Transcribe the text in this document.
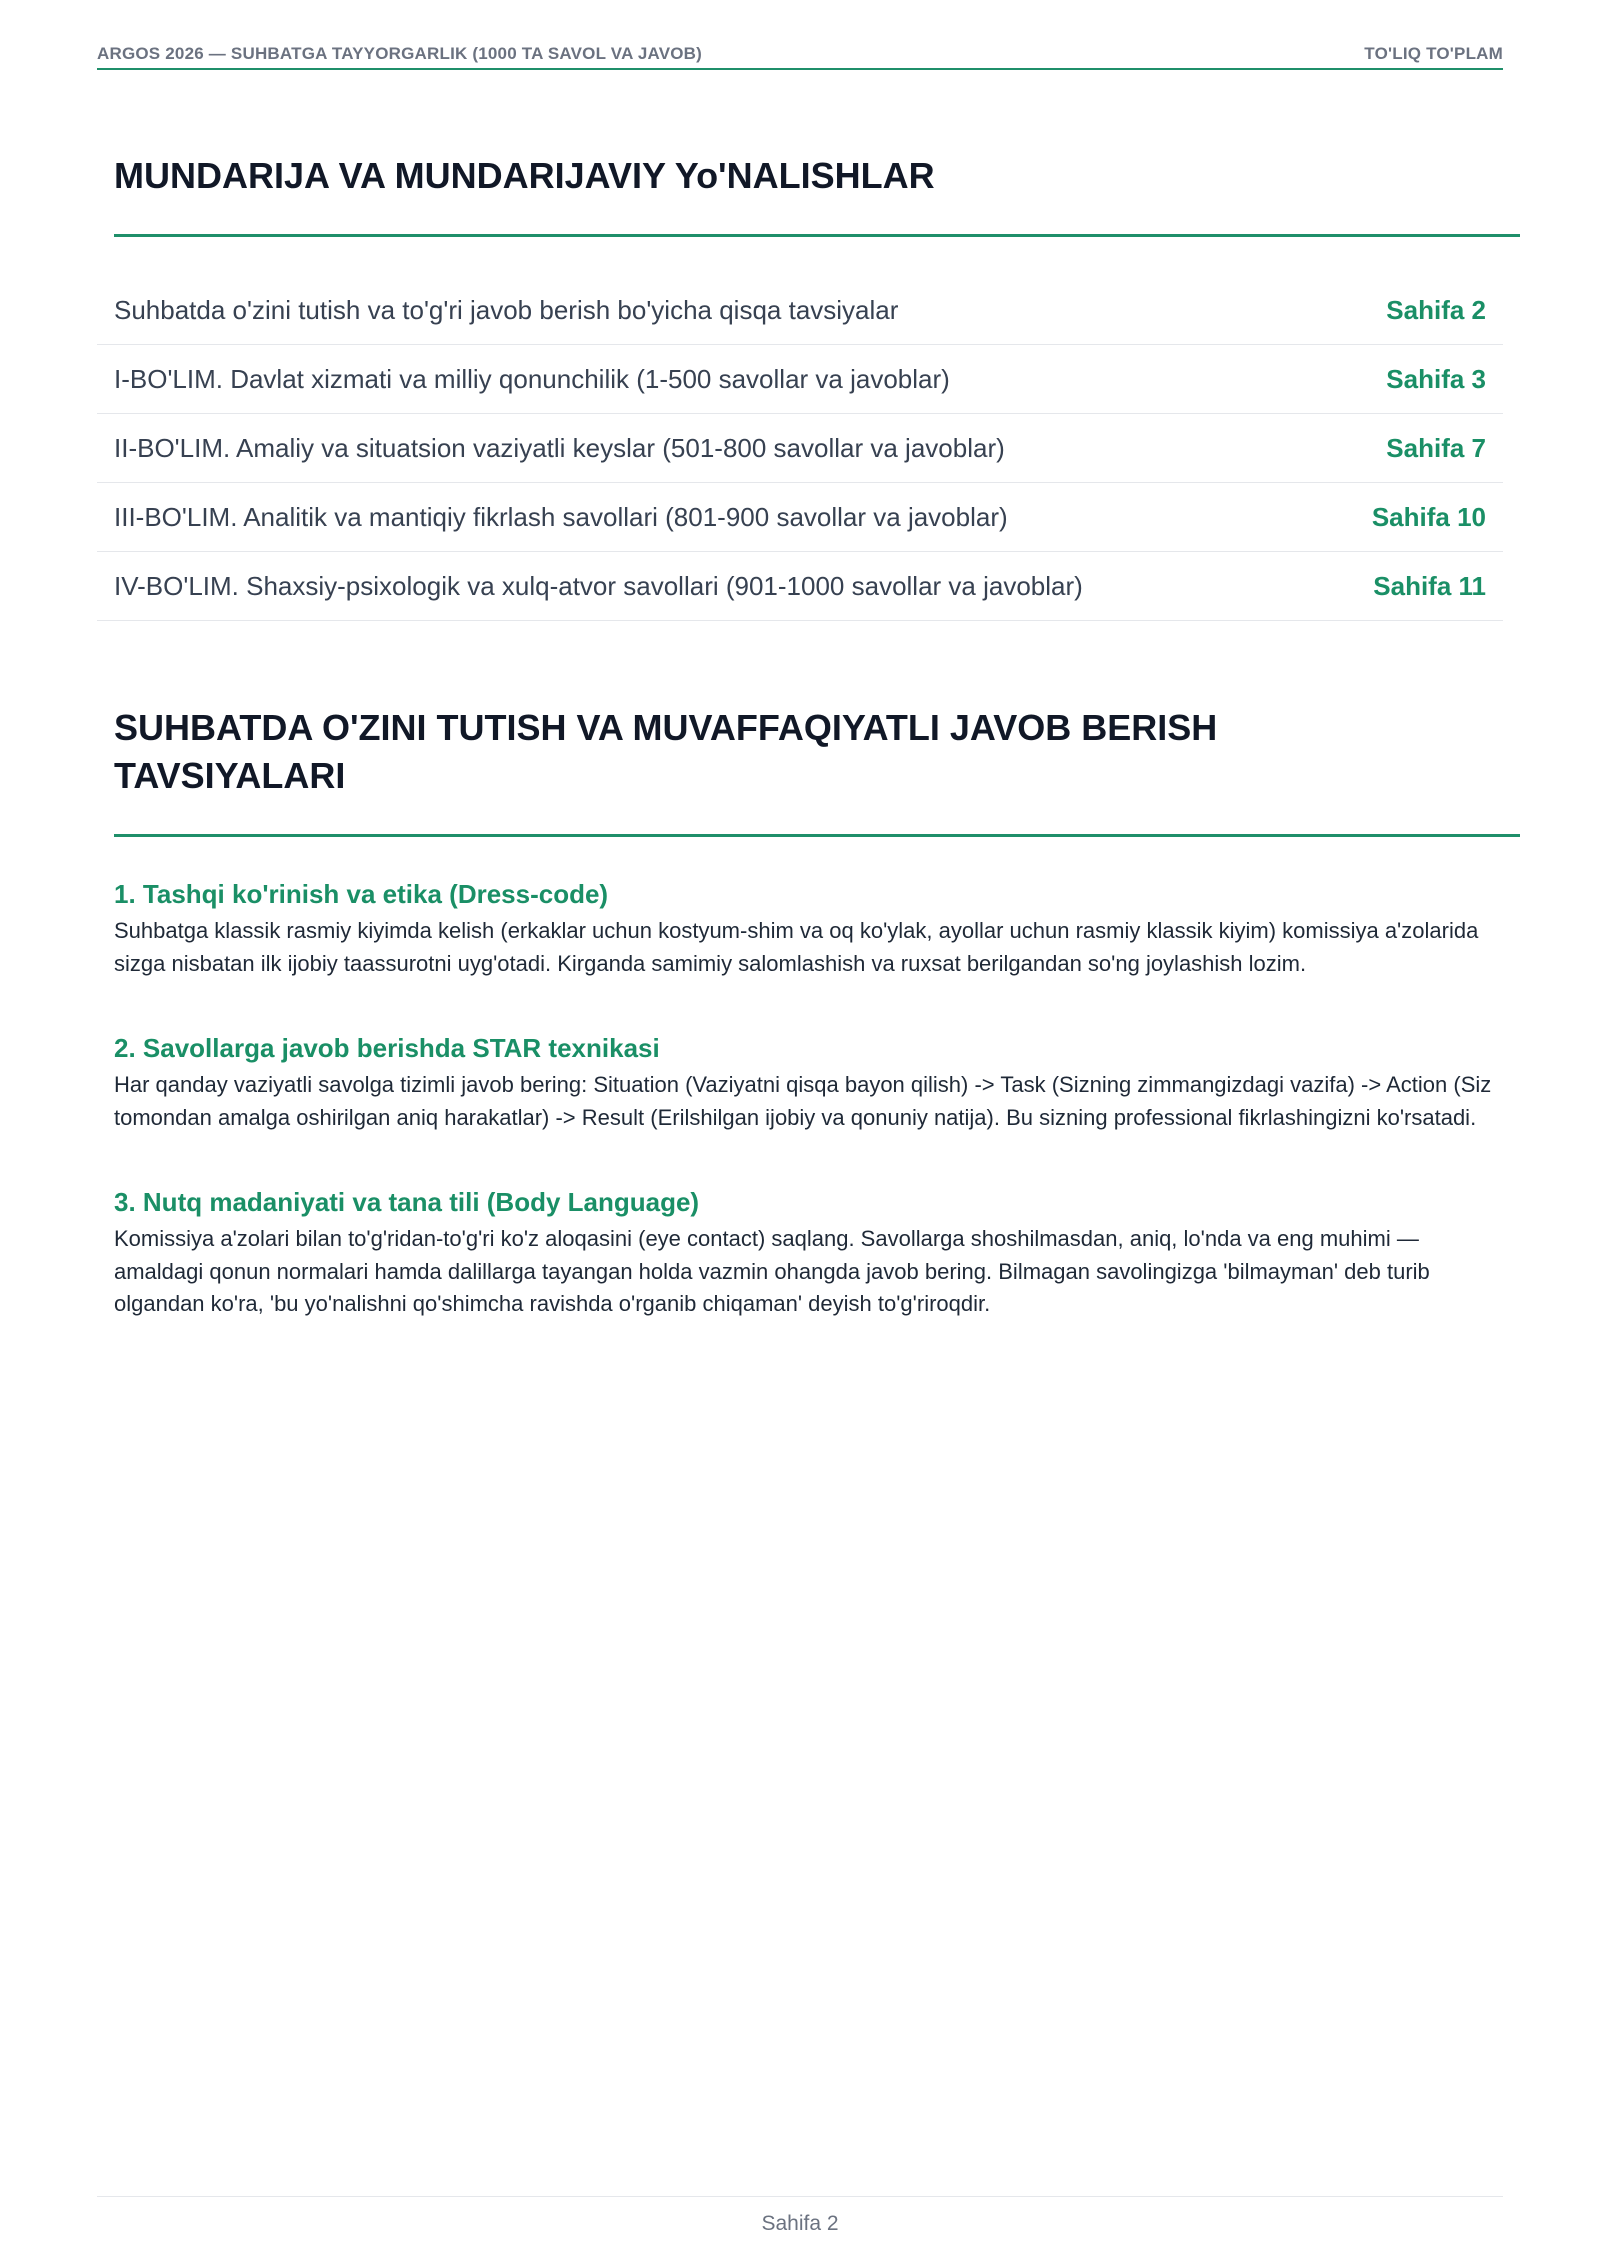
ARGOS 2026 — SUHBATGA TAYYORGARLIK (1000 TA SAVOL VA JAVOB)	TO'LIQ TO'PLAM
MUNDARIJA VA MUNDARIJAVIY Yo'NALISHLAR
Suhbatda o'zini tutish va to'g'ri javob berish bo'yicha qisqa tavsiyalar	Sahifa 2
I-BO'LIM. Davlat xizmati va milliy qonunchilik (1-500 savollar va javoblar)	Sahifa 3
II-BO'LIM. Amaliy va situatsion vaziyatli keyslar (501-800 savollar va javoblar)	Sahifa 7
III-BO'LIM. Analitik va mantiqiy fikrlash savollari (801-900 savollar va javoblar)	Sahifa 10
IV-BO'LIM. Shaxsiy-psixologik va xulq-atvor savollari (901-1000 savollar va javoblar)	Sahifa 11
SUHBATDA O'ZINI TUTISH VA MUVAFFAQIYATLI JAVOB BERISH TAVSIYALARI
1. Tashqi ko'rinish va etika (Dress-code)

Suhbatga klassik rasmiy kiyimda kelish (erkaklar uchun kostyum-shim va oq ko'ylak, ayollar uchun rasmiy klassik kiyim) komissiya a'zolarida sizga nisbatan ilk ijobiy taassurotni uyg'otadi. Kirganda samimiy salomlashish va ruxsat berilgandan so'ng joylashish lozim.

2. Savollarga javob berishda STAR texnikasi

Har qanday vaziyatli savolga tizimli javob bering: Situation (Vaziyatni qisqa bayon qilish) -> Task (Sizning zimmangizdagi vazifa) -> Action (Siz tomondan amalga oshirilgan aniq harakatlar) -> Result (Erilshilgan ijobiy va qonuniy natija). Bu sizning professional fikrlashingizni ko'rsatadi.

3. Nutq madaniyati va tana tili (Body Language)

Komissiya a'zolari bilan to'g'ridan-to'g'ri ko'z aloqasini (eye contact) saqlang. Savollarga shoshilmasdan, aniq, lo'nda va eng muhimi — amaldagi qonun normalari hamda dalillarga tayangan holda vazmin ohangda javob bering. Bilmagan savolingizga 'bilmayman' deb turib olgandan ko'ra, 'bu yo'nalishni qo'shimcha ravishda o'rganib chiqaman' deyish to'g'riroqdir.

Sahifa 2
